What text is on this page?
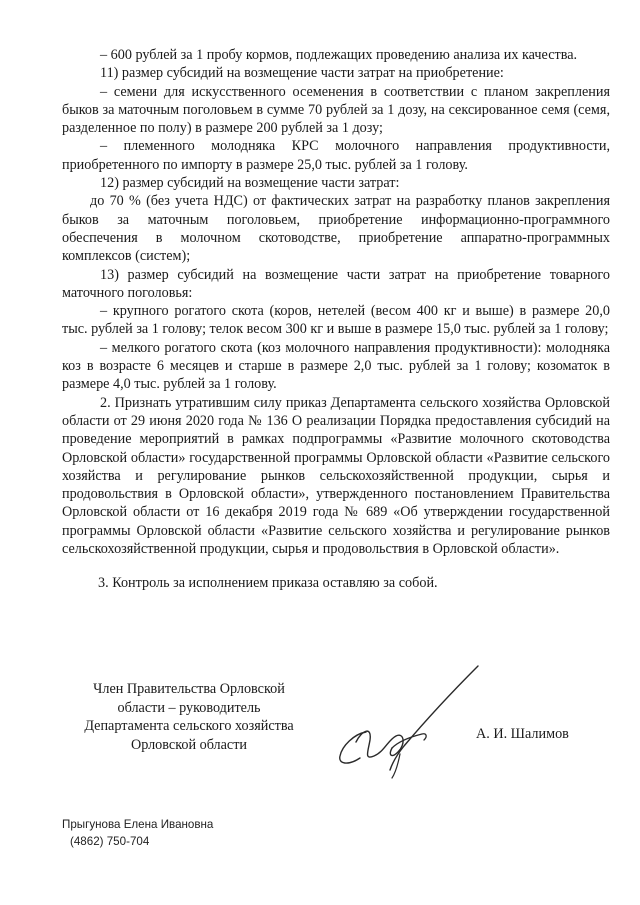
– 600 рублей за 1 пробу кормов, подлежащих проведению анализа их качества.

11) размер субсидий на возмещение части затрат на приобретение:

– семени для искусственного осеменения в соответствии с планом закрепления быков за маточным поголовьем в сумме 70 рублей за 1 дозу, на сексированное семя (семя, разделенное по полу) в размере 200 рублей за 1 дозу;

– племенного молодняка КРС молочного направления продуктивности, приобретенного по импорту в размере 25,0 тыс. рублей за 1 голову.

12) размер субсидий на возмещение части затрат:

до 70 % (без учета НДС) от фактических затрат на разработку планов закрепления быков за маточным поголовьем, приобретение информационно-программного обеспечения в молочном скотоводстве, приобретение аппаратно-программных комплексов (систем);

13) размер субсидий на возмещение части затрат на приобретение товарного маточного поголовья:

– крупного рогатого скота (коров, нетелей (весом 400 кг и выше) в размере 20,0 тыс. рублей за 1 голову; телок весом 300 кг и выше в размере 15,0 тыс. рублей за 1 голову;

– мелкого рогатого скота (коз молочного направления продуктивности): молодняка коз в возрасте 6 месяцев и старше в размере 2,0 тыс. рублей за 1 голову; козоматок в размере 4,0 тыс. рублей за 1 голову.

2. Признать утратившим силу приказ Департамента сельского хозяйства Орловской области от 29 июня 2020 года № 136 О реализации Порядка предоставления субсидий на проведение мероприятий в рамках подпрограммы «Развитие молочного скотоводства Орловской области» государственной программы Орловской области «Развитие сельского хозяйства и регулирование рынков сельскохозяйственной продукции, сырья и продовольствия в Орловской области», утвержденного постановлением Правительства Орловской области от 16 декабря 2019 года № 689 «Об утверждении государственной программы Орловской области «Развитие сельского хозяйства и регулирование рынков сельскохозяйственной продукции, сырья и продовольствия в Орловской области».

3. Контроль за исполнением приказа оставляю за собой.

Член Правительства Орловской
области – руководитель
Департамента сельского хозяйства
Орловской области
А. И. Шалимов
Прыгунова Елена Ивановна
(4862) 750-704
